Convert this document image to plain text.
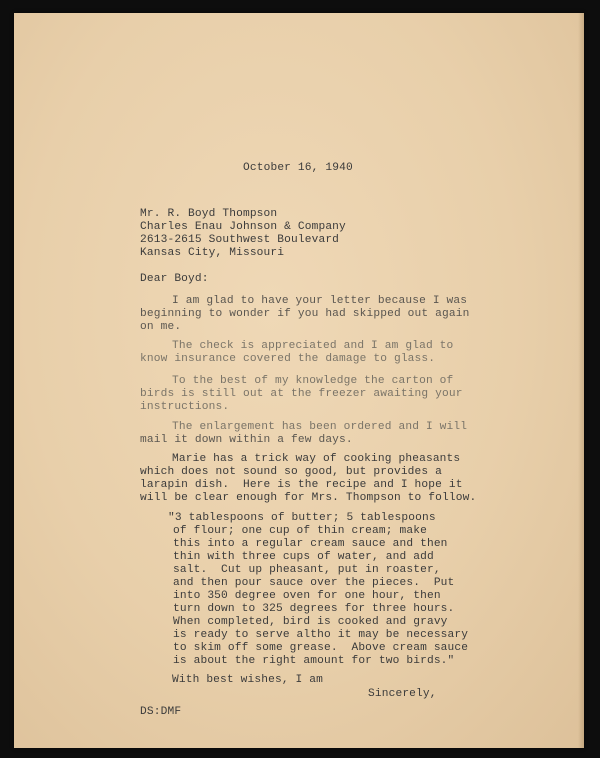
October 16, 1940
Mr. R. Boyd Thompson
Charles Enau Johnson & Company
2613-2615 Southwest Boulevard
Kansas City, Missouri
Dear Boyd:
I am glad to have your letter because I was
beginning to wonder if you had skipped out again
on me.
The check is appreciated and I am glad to
know insurance covered the damage to glass.
To the best of my knowledge the carton of
birds is still out at the freezer awaiting your
instructions.
The enlargement has been ordered and I will
mail it down within a few days.
Marie has a trick way of cooking pheasants
which does not sound so good, but provides a
larapin dish.  Here is the recipe and I hope it
will be clear enough for Mrs. Thompson to follow.
"3 tablespoons of butter; 5 tablespoons
of flour; one cup of thin cream; make
this into a regular cream sauce and then
thin with three cups of water, and add
salt.  Cut up pheasant, put in roaster,
and then pour sauce over the pieces.  Put
into 350 degree oven for one hour, then
turn down to 325 degrees for three hours.
When completed, bird is cooked and gravy
is ready to serve altho it may be necessary
to skim off some grease.  Above cream sauce
is about the right amount for two birds."
With best wishes, I am
Sincerely,
DS:DMF
